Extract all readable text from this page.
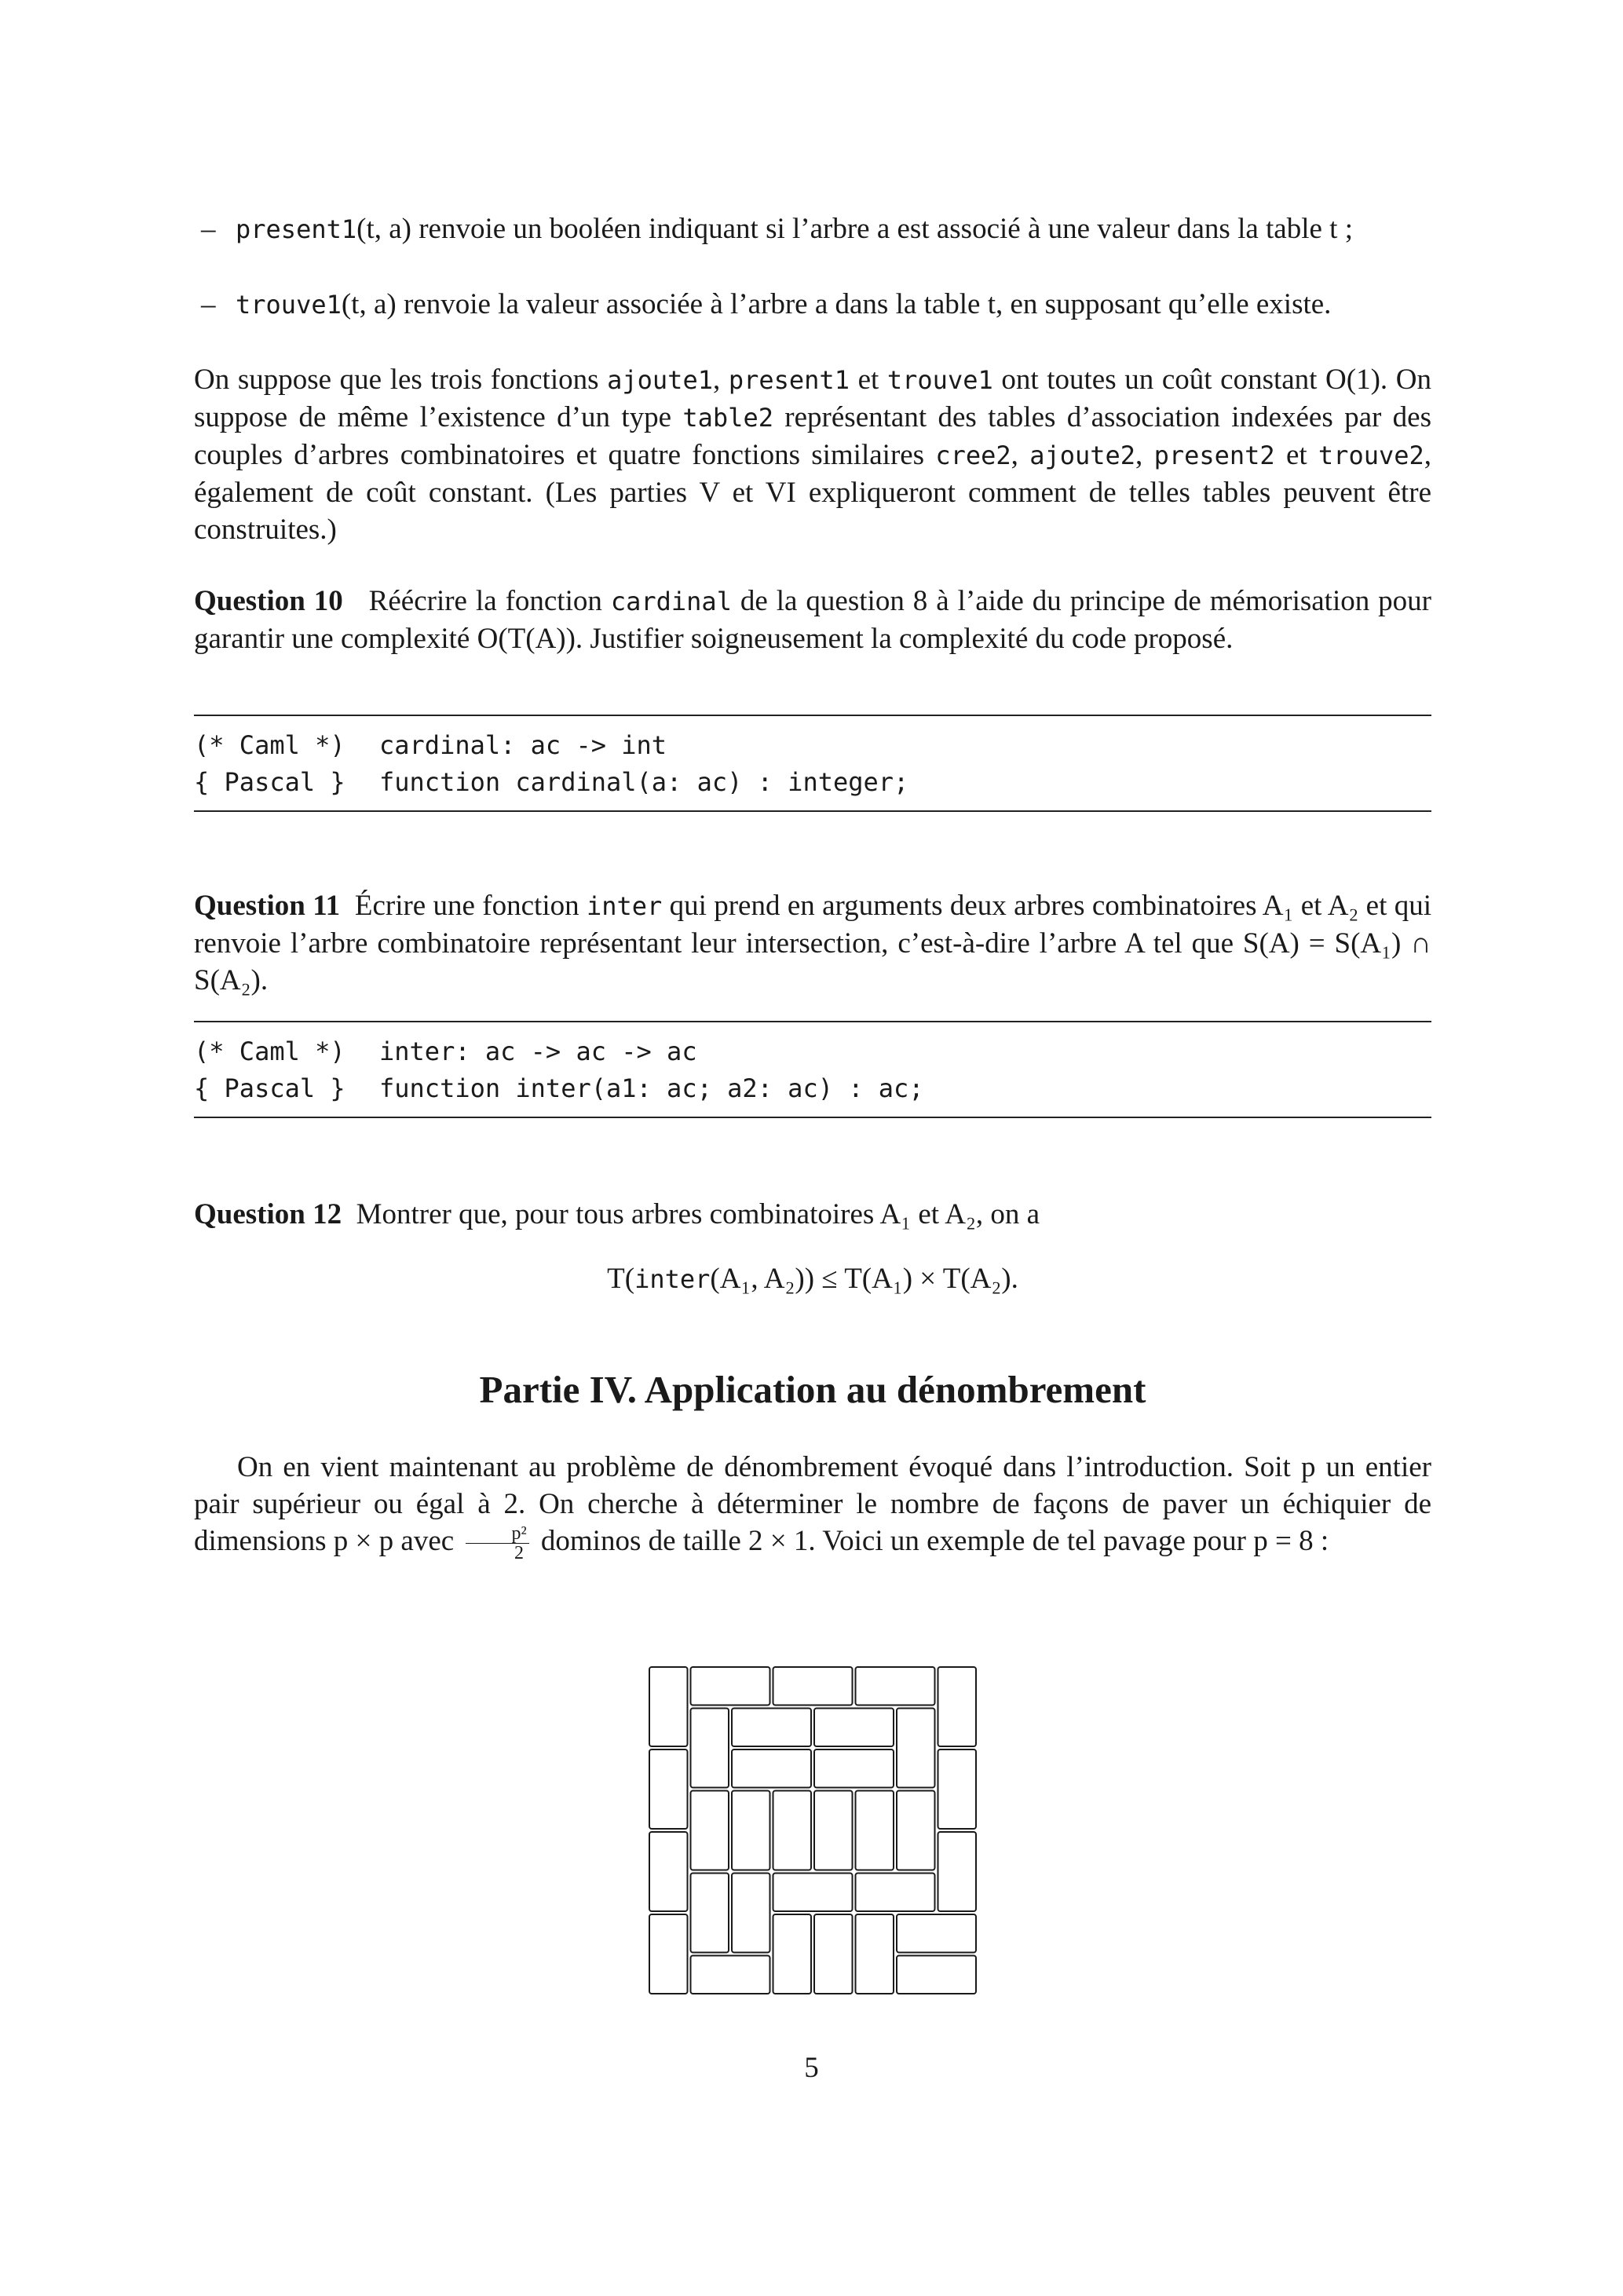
– present1(t, a) renvoie un booléen indiquant si l’arbre a est associé à une valeur dans la table t ;
– trouve1(t, a) renvoie la valeur associée à l’arbre a dans la table t, en supposant qu’elle existe.
On suppose que les trois fonctions ajoute1, present1 et trouve1 ont toutes un coût constant O(1). On suppose de même l’existence d’un type table2 représentant des tables d’association indexées par des couples d’arbres combinatoires et quatre fonctions similaires cree2, ajoute2, present2 et trouve2, également de coût constant. (Les parties V et VI expliqueront comment de telles tables peuvent être construites.)
Question 10 Réécrire la fonction cardinal de la question 8 à l’aide du principe de mémorisation pour garantir une complexité O(T(A)). Justifier soigneusement la complexité du code proposé.

(* Caml *) cardinal: ac -> int

{ Pascal } function cardinal(a: ac) : integer;

Question 11 Écrire une fonction inter qui prend en arguments deux arbres combinatoires A₁ et A₂ et qui renvoie l’arbre combinatoire représentant leur intersection, c’est-à-dire l’arbre A tel que S(A) = S(A₁) ∩ S(A₂).

(* Caml *) inter: ac -> ac -> ac

{ Pascal } function inter(a1: ac; a2: ac) : ac;

Question 12 Montrer que, pour tous arbres combinatoires A₁ et A₂, on a
T(inter(A₁, A₂)) ≤ T(A₁) × T(A₂).
Partie IV. Application au dénombrement
On en vient maintenant au problème de dénombrement évoqué dans l’introduction. Soit p un entier pair supérieur ou égal à 2. On cherche à déterminer le nombre de façons de paver un échiquier de dimensions p × p avec $\frac{\text{p²}}{2}$ dominos de taille 2 × 1. Voici un exemple de tel pavage pour p = 8 :
5
